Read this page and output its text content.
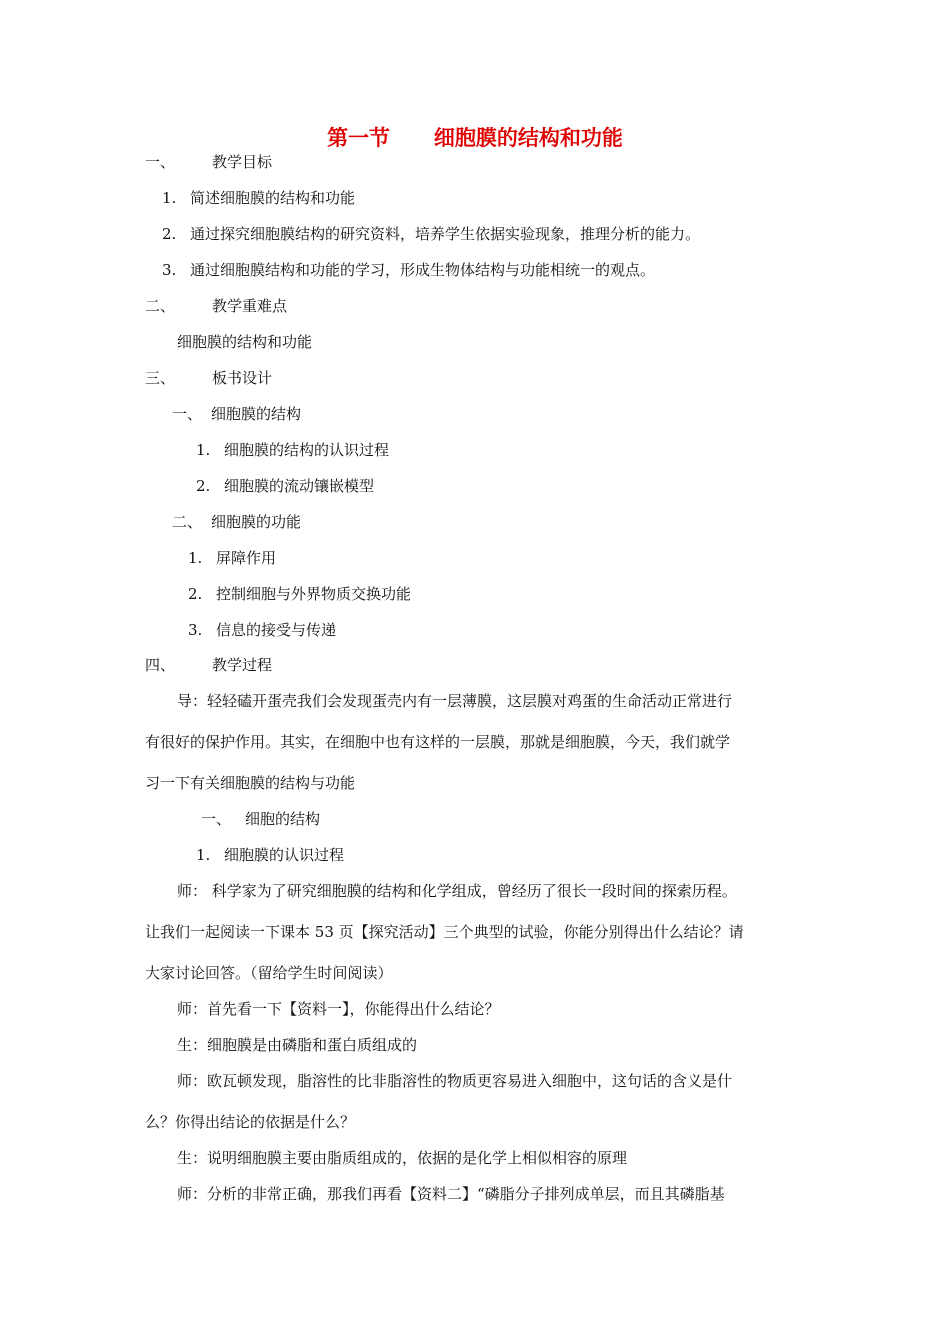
第一节      细胞膜的结构和功能
一、 教学目标
1. 简述细胞膜的结构和功能
2. 通过探究细胞膜结构的研究资料，培养学生依据实验现象，推理分析的能力。
3. 通过细胞膜结构和功能的学习，形成生物体结构与功能相统一的观点。
二、 教学重难点
细胞膜的结构和功能
三、 板书设计
一、 细胞膜的结构
1. 细胞膜的结构的认识过程
2. 细胞膜的流动镶嵌模型
二、 细胞膜的功能
1. 屏障作用
2. 控制细胞与外界物质交换功能
3. 信息的接受与传递
四、 教学过程
导：轻轻磕开蛋壳我们会发现蛋壳内有一层薄膜，这层膜对鸡蛋的生命活动正常进行
有很好的保护作用。其实，在细胞中也有这样的一层膜，那就是细胞膜，今天，我们就学
习一下有关细胞膜的结构与功能
一、 细胞的结构
1. 细胞膜的认识过程
师： 科学家为了研究细胞膜的结构和化学组成，曾经历了很长一段时间的探索历程。
让我们一起阅读一下课本 53 页【探究活动】三个典型的试验，你能分别得出什么结论？请
大家讨论回答。（留给学生时间阅读）
师：首先看一下【资料一】，你能得出什么结论？
生：细胞膜是由磷脂和蛋白质组成的
师：欧瓦顿发现，脂溶性的比非脂溶性的物质更容易进入细胞中，这句话的含义是什
么？你得出结论的依据是什么？
生：说明细胞膜主要由脂质组成的，依据的是化学上相似相容的原理
师：分析的非常正确，那我们再看【资料二】“磷脂分子排列成单层，而且其磷脂基
